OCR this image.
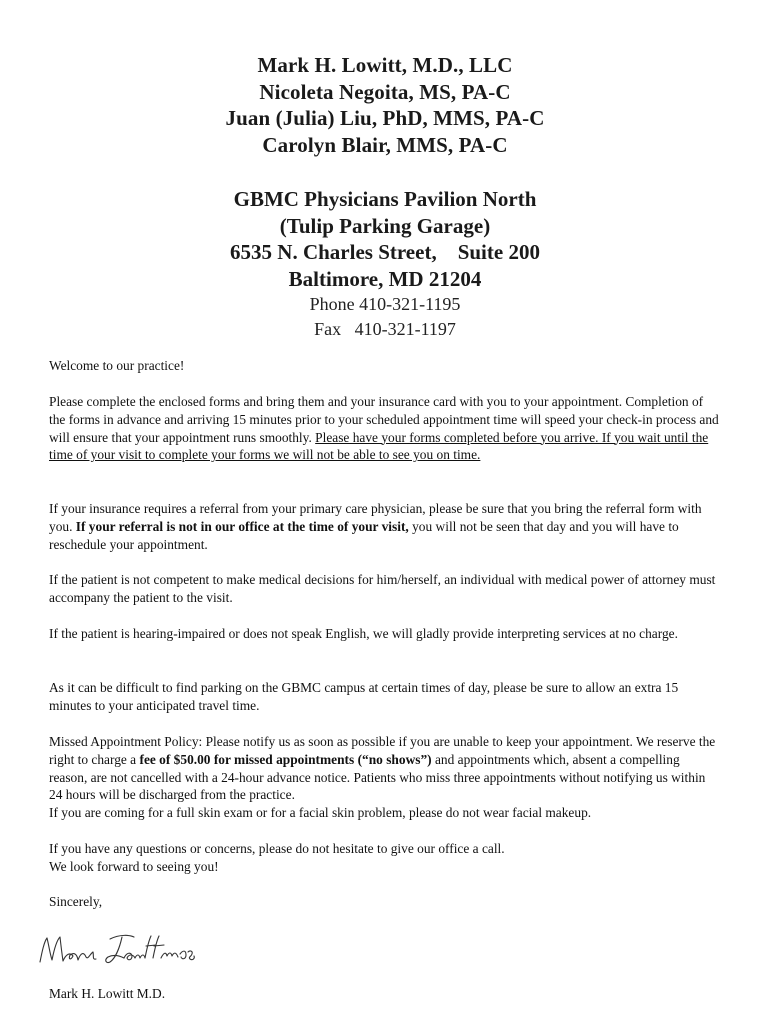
Mark H. Lowitt, M.D., LLC
Nicoleta Negoita, MS, PA-C
Juan (Julia) Liu, PhD, MMS, PA-C
Carolyn Blair, MMS, PA-C
GBMC Physicians Pavilion North
(Tulip Parking Garage)
6535 N. Charles Street,    Suite 200
Baltimore, MD 21204
Phone 410-321-1195
Fax   410-321-1197

Welcome to our practice!

Please complete the enclosed forms and bring them and your insurance card with you to your appointment. Completion of the forms in advance and arriving 15 minutes prior to your scheduled appointment time will speed your check-in process and will ensure that your appointment runs smoothly. Please have your forms completed before you arrive. If you wait until the time of your visit to complete your forms we will not be able to see you on time.

If your insurance requires a referral from your primary care physician, please be sure that you bring the referral form with you. If your referral is not in our office at the time of your visit, you will not be seen that day and you will have to reschedule your appointment.

If the patient is not competent to make medical decisions for him/herself, an individual with medical power of attorney must accompany the patient to the visit.

If the patient is hearing-impaired or does not speak English, we will gladly provide interpreting services at no charge.

As it can be difficult to find parking on the GBMC campus at certain times of day, please be sure to allow an extra 15 minutes to your anticipated travel time.

Missed Appointment Policy: Please notify us as soon as possible if you are unable to keep your appointment. We reserve the right to charge a fee of $50.00 for missed appointments (“no shows”) and appointments which, absent a compelling reason, are not cancelled with a 24-hour advance notice. Patients who miss three appointments without notifying us within 24 hours will be discharged from the practice.

If you are coming for a full skin exam or for a facial skin problem, please do not wear facial makeup.

If you have any questions or concerns, please do not hesitate to give our office a call.

We look forward to seeing you!

Sincerely,

Mark H. Lowitt M.D.
